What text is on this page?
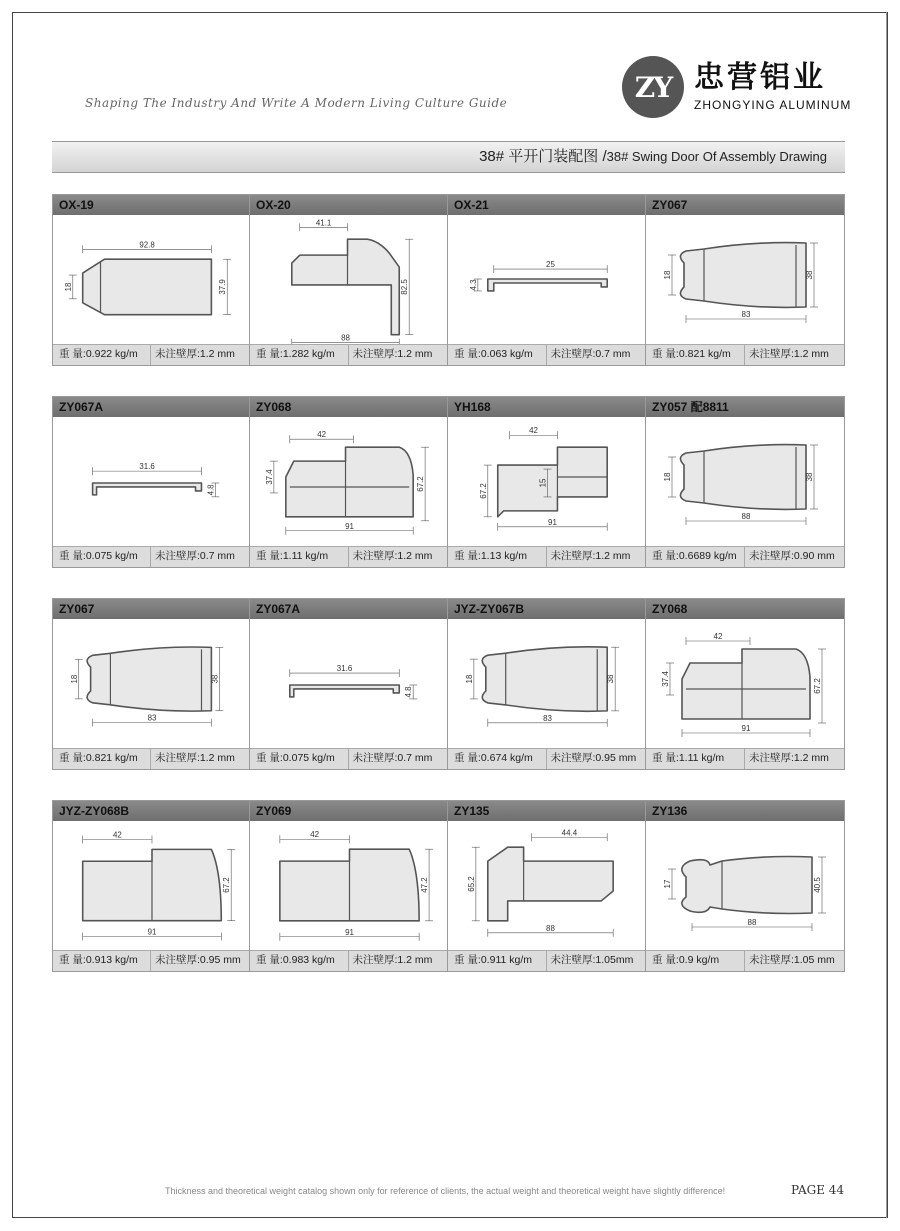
ZY 忠营铝业
ZHONGYING ALUMINUM
Shaping The Industry And Write A Modern Living Culture Guide
38# 平开门装配图 /38# Swing Door Of Assembly Drawing
OX-19
92.8
18	37.9
重 量:0.922 kg/m	未注壁厚:1.2 mm
OX-20
41.1
82.5
88
重 量:1.282 kg/m	未注壁厚:1.2 mm
OX-21
25
4.3
重 量:0.063 kg/m	未注壁厚:0.7 mm
ZY067
18	38
83
重 量:0.821 kg/m	未注壁厚:1.2 mm
ZY067A
31.6
4.8
重 量:0.075 kg/m	未注壁厚:0.7 mm
ZY068
42
37.4	67.2
91
重 量:1.11 kg/m	未注壁厚:1.2 mm
YH168
42
67.2
15
91
重 量:1.13 kg/m	未注壁厚:1.2 mm
ZY057 配8811
18	38
88
重 量:0.6689 kg/m	未注壁厚:0.90 mm
ZY067
18	38
83
重 量:0.821 kg/m	未注壁厚:1.2 mm
ZY067A
31.6
4.8
重 量:0.075 kg/m	未注壁厚:0.7 mm
JYZ-ZY067B
18	38
83
重 量:0.674 kg/m	未注壁厚:0.95 mm
ZY068
42
37.4	67.2
91
重 量:1.11 kg/m	未注壁厚:1.2 mm
JYZ-ZY068B
42
67.2
91
重 量:0.913 kg/m	未注壁厚:0.95 mm
ZY069
42
47.2
91
重 量:0.983 kg/m	未注壁厚:1.2 mm
ZY135
44.4
65.2
88
重 量:0.911 kg/m	未注壁厚:1.05mm
ZY136
17	40.5
88
重 量:0.9 kg/m	未注壁厚:1.05 mm
Thickness and theoretical weight catalog shown only for reference of clients, the actual weight and theoretical weight have slightly difference!	PAGE 44
